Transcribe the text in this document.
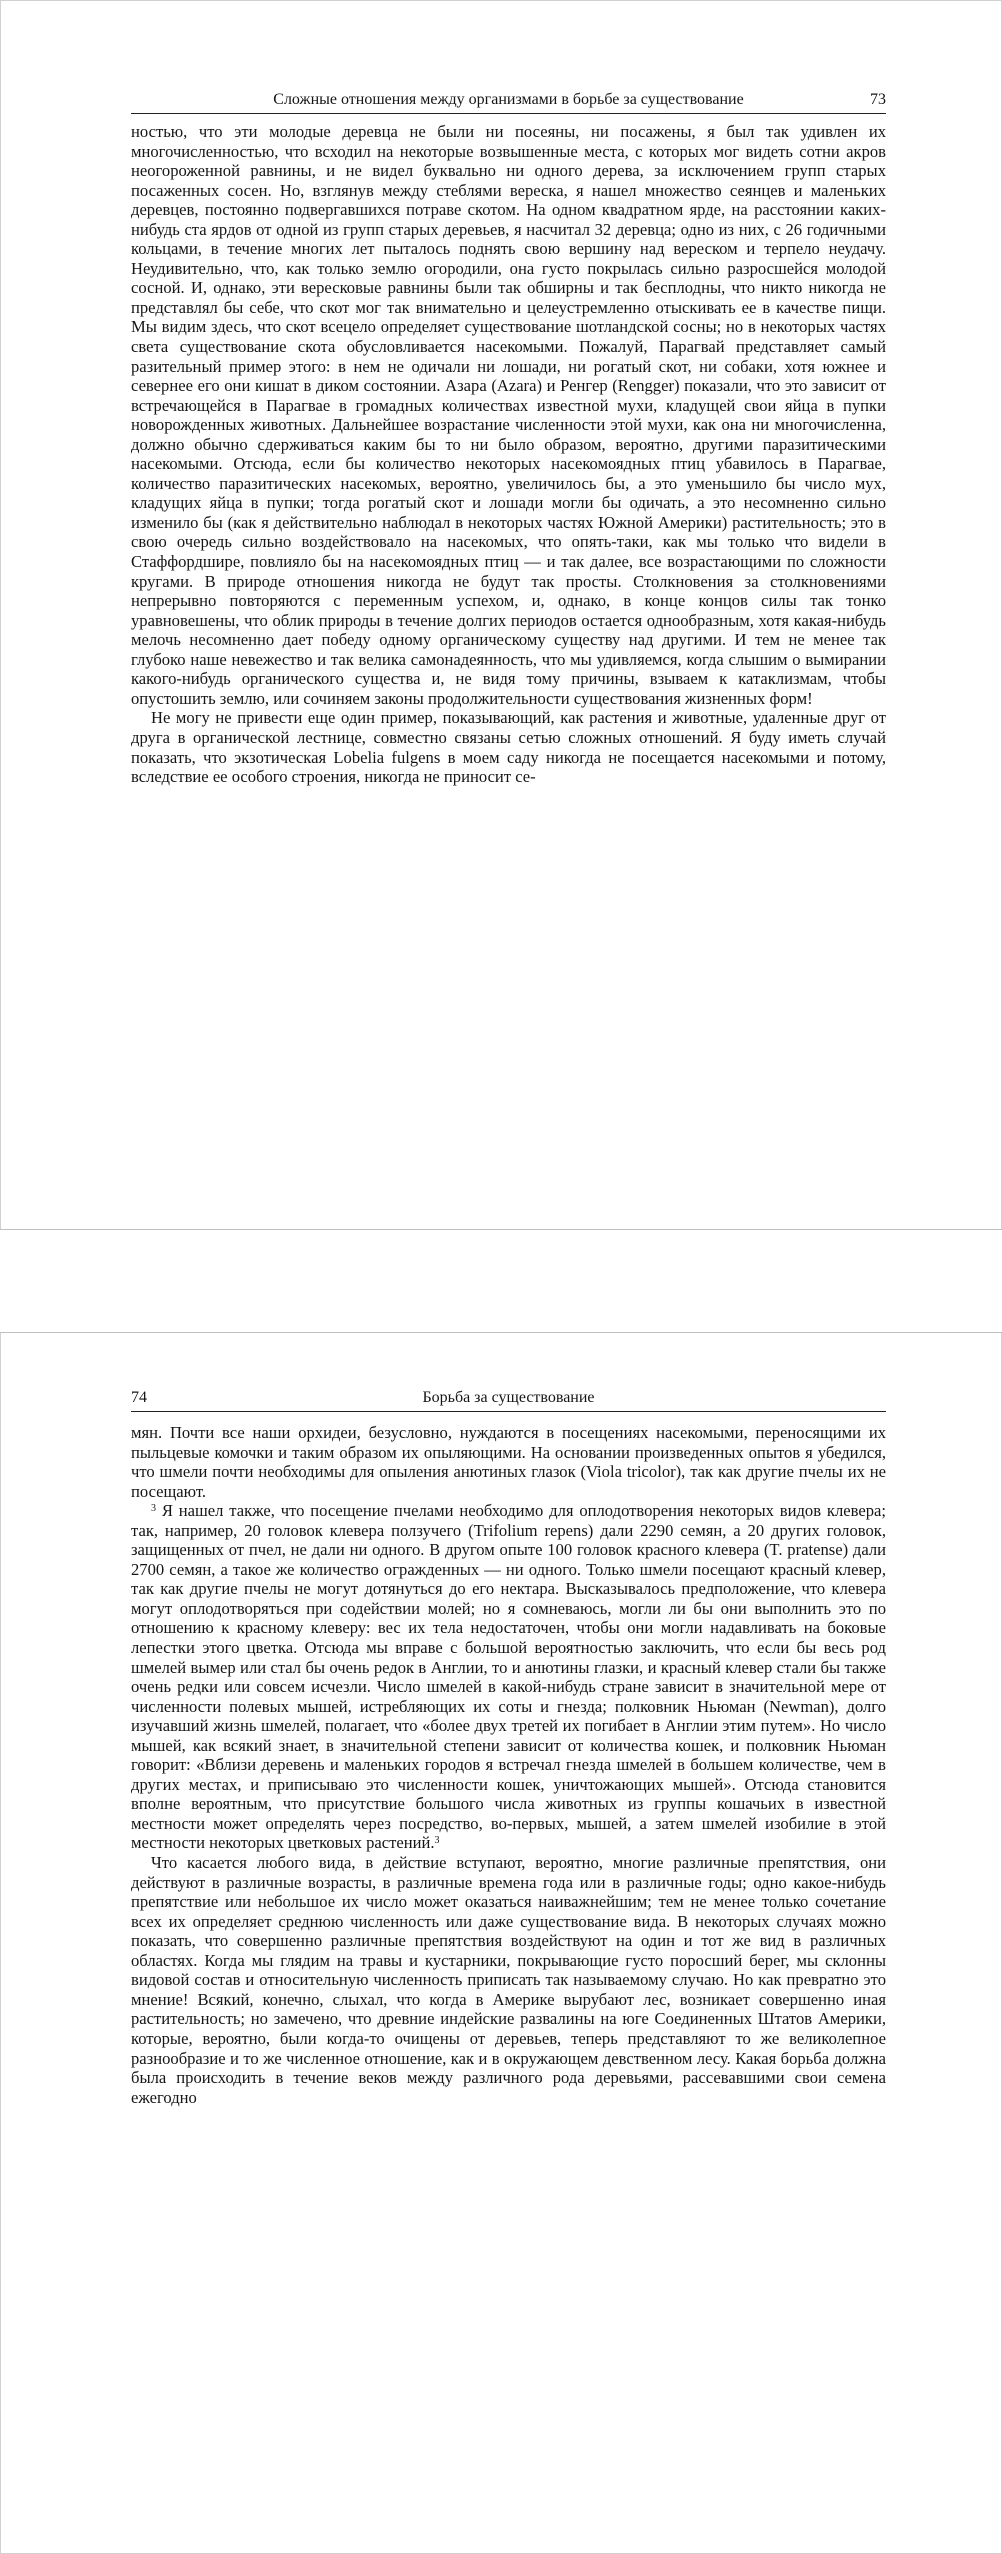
Сложные отношения между организмами в борьбе за существование	73

ностью, что эти молодые деревца не были ни посеяны, ни посажены, я был так удивлен их многочисленностью, что всходил на некоторые возвышенные места, с которых мог видеть сотни акров неогороженной равнины, и не видел буквально ни одного дерева, за исключением групп старых посаженных сосен. Но, взглянув между стеблями вереска, я нашел множество сеянцев и маленьких деревцев, постоянно подвергавшихся потраве скотом. На одном квадратном ярде, на расстоянии каких-нибудь ста ярдов от одной из групп старых деревьев, я насчитал 32 деревца; одно из них, с 26 годичными кольцами, в течение многих лет пыталось поднять свою вершину над вереском и терпело неудачу. Неудивительно, что, как только землю огородили, она густо покрылась сильно разросшейся молодой сосной. И, однако, эти вересковые равнины были так обширны и так бесплодны, что никто никогда не представлял бы себе, что скот мог так внимательно и целеустремленно отыскивать ее в качестве пищи. Мы видим здесь, что скот всецело определяет существование шотландской сосны; но в некоторых частях света существование скота обусловливается насекомыми. Пожалуй, Парагвай представляет самый разительный пример этого: в нем не одичали ни лошади, ни рогатый скот, ни собаки, хотя южнее и севернее его они кишат в диком состоянии. Азара (Azara) и Ренгер (Rengger) показали, что это зависит от встречающейся в Парагвае в громадных количествах известной мухи, кладущей свои яйца в пупки новорожденных животных. Дальнейшее возрастание численности этой мухи, как она ни многочисленна, должно обычно сдерживаться каким бы то ни было образом, вероятно, другими паразитическими насекомыми. Отсюда, если бы количество некоторых насекомоядных птиц убавилось в Парагвае, количество паразитических насекомых, вероятно, увеличилось бы, а это уменьшило бы число мух, кладущих яйца в пупки; тогда рогатый скот и лошади могли бы одичать, а это несомненно сильно изменило бы (как я действительно наблюдал в некоторых частях Южной Америки) растительность; это в свою очередь сильно воздействовало на насекомых, что опять-таки, как мы только что видели в Стаффордшире, повлияло бы на насекомоядных птиц — и так далее, все возрастающими по сложности кругами. В природе отношения никогда не будут так просты. Столкновения за столкновениями непрерывно повторяются с переменным успехом, и, однако, в конце концов силы так тонко уравновешены, что облик природы в течение долгих периодов остается однообразным, хотя какая-нибудь мелочь несомненно дает победу одному органическому существу над другими. И тем не менее так глубоко наше невежество и так велика самонадеянность, что мы удивляемся, когда слышим о вымирании какого-нибудь органического существа и, не видя тому причины, взываем к катаклизмам, чтобы опустошить землю, или сочиняем законы продолжительности существования жизненных форм!

Не могу не привести еще один пример, показывающий, как растения и животные, удаленные друг от друга в органической лестнице, совместно связаны сетью сложных отношений. Я буду иметь случай показать, что экзотическая Lobelia fulgens в моем саду никогда не посещается насекомыми и потому, вследствие ее особого строения, никогда не приносит се-

74	Борьба за существование

мян. Почти все наши орхидеи, безусловно, нуждаются в посещениях насекомыми, переносящими их пыльцевые комочки и таким образом их опыляющими. На основании произведенных опытов я убедился, что шмели почти необходимы для опыления анютиных глазок (Viola tricolor), так как другие пчелы их не посещают.

$^3$ Я нашел также, что посещение пчелами необходимо для оплодотворения некоторых видов клевера; так, например, 20 головок клевера ползучего (Trifolium repens) дали 2290 семян, а 20 других головок, защищенных от пчел, не дали ни одного. В другом опыте 100 головок красного клевера (T. pratense) дали 2700 семян, а такое же количество огражденных — ни одного. Только шмели посещают красный клевер, так как другие пчелы не могут дотянуться до его нектара. Высказывалось предположение, что клевера могут оплодотворяться при содействии молей; но я сомневаюсь, могли ли бы они выполнить это по отношению к красному клеверу: вес их тела недостаточен, чтобы они могли надавливать на боковые лепестки этого цветка. Отсюда мы вправе с большой вероятностью заключить, что если бы весь род шмелей вымер или стал бы очень редок в Англии, то и анютины глазки, и красный клевер стали бы также очень редки или совсем исчезли. Число шмелей в какой-нибудь стране зависит в значительной мере от численности полевых мышей, истребляющих их соты и гнезда; полковник Ньюман (Newman), долго изучавший жизнь шмелей, полагает, что «более двух третей их погибает в Англии этим путем». Но число мышей, как всякий знает, в значительной степени зависит от количества кошек, и полковник Ньюман говорит: «Вблизи деревень и маленьких городов я встречал гнезда шмелей в большем количестве, чем в других местах, и приписываю это численности кошек, уничтожающих мышей». Отсюда становится вполне вероятным, что присутствие большого числа животных из группы кошачьих в известной местности может определять через посредство, во-первых, мышей, а затем шмелей изобилие в этой местности некоторых цветковых растений.$^3$

Что касается любого вида, в действие вступают, вероятно, многие различные препятствия, они действуют в различные возрасты, в различные времена года или в различные годы; одно какое-нибудь препятствие или небольшое их число может оказаться наиважнейшим; тем не менее только сочетание всех их определяет среднюю численность или даже существование вида. В некоторых случаях можно показать, что совершенно различные препятствия воздействуют на один и тот же вид в различных областях. Когда мы глядим на травы и кустарники, покрывающие густо поросший берег, мы склонны видовой состав и относительную численность приписать так называемому случаю. Но как превратно это мнение! Всякий, конечно, слыхал, что когда в Америке вырубают лес, возникает совершенно иная растительность; но замечено, что древние индейские развалины на юге Соединенных Штатов Америки, которые, вероятно, были когда-то очищены от деревьев, теперь представляют то же великолепное разнообразие и то же численное отношение, как и в окружающем девственном лесу. Какая борьба должна была происходить в течение веков между различного рода деревьями, рассевавшими свои семена ежегодно
